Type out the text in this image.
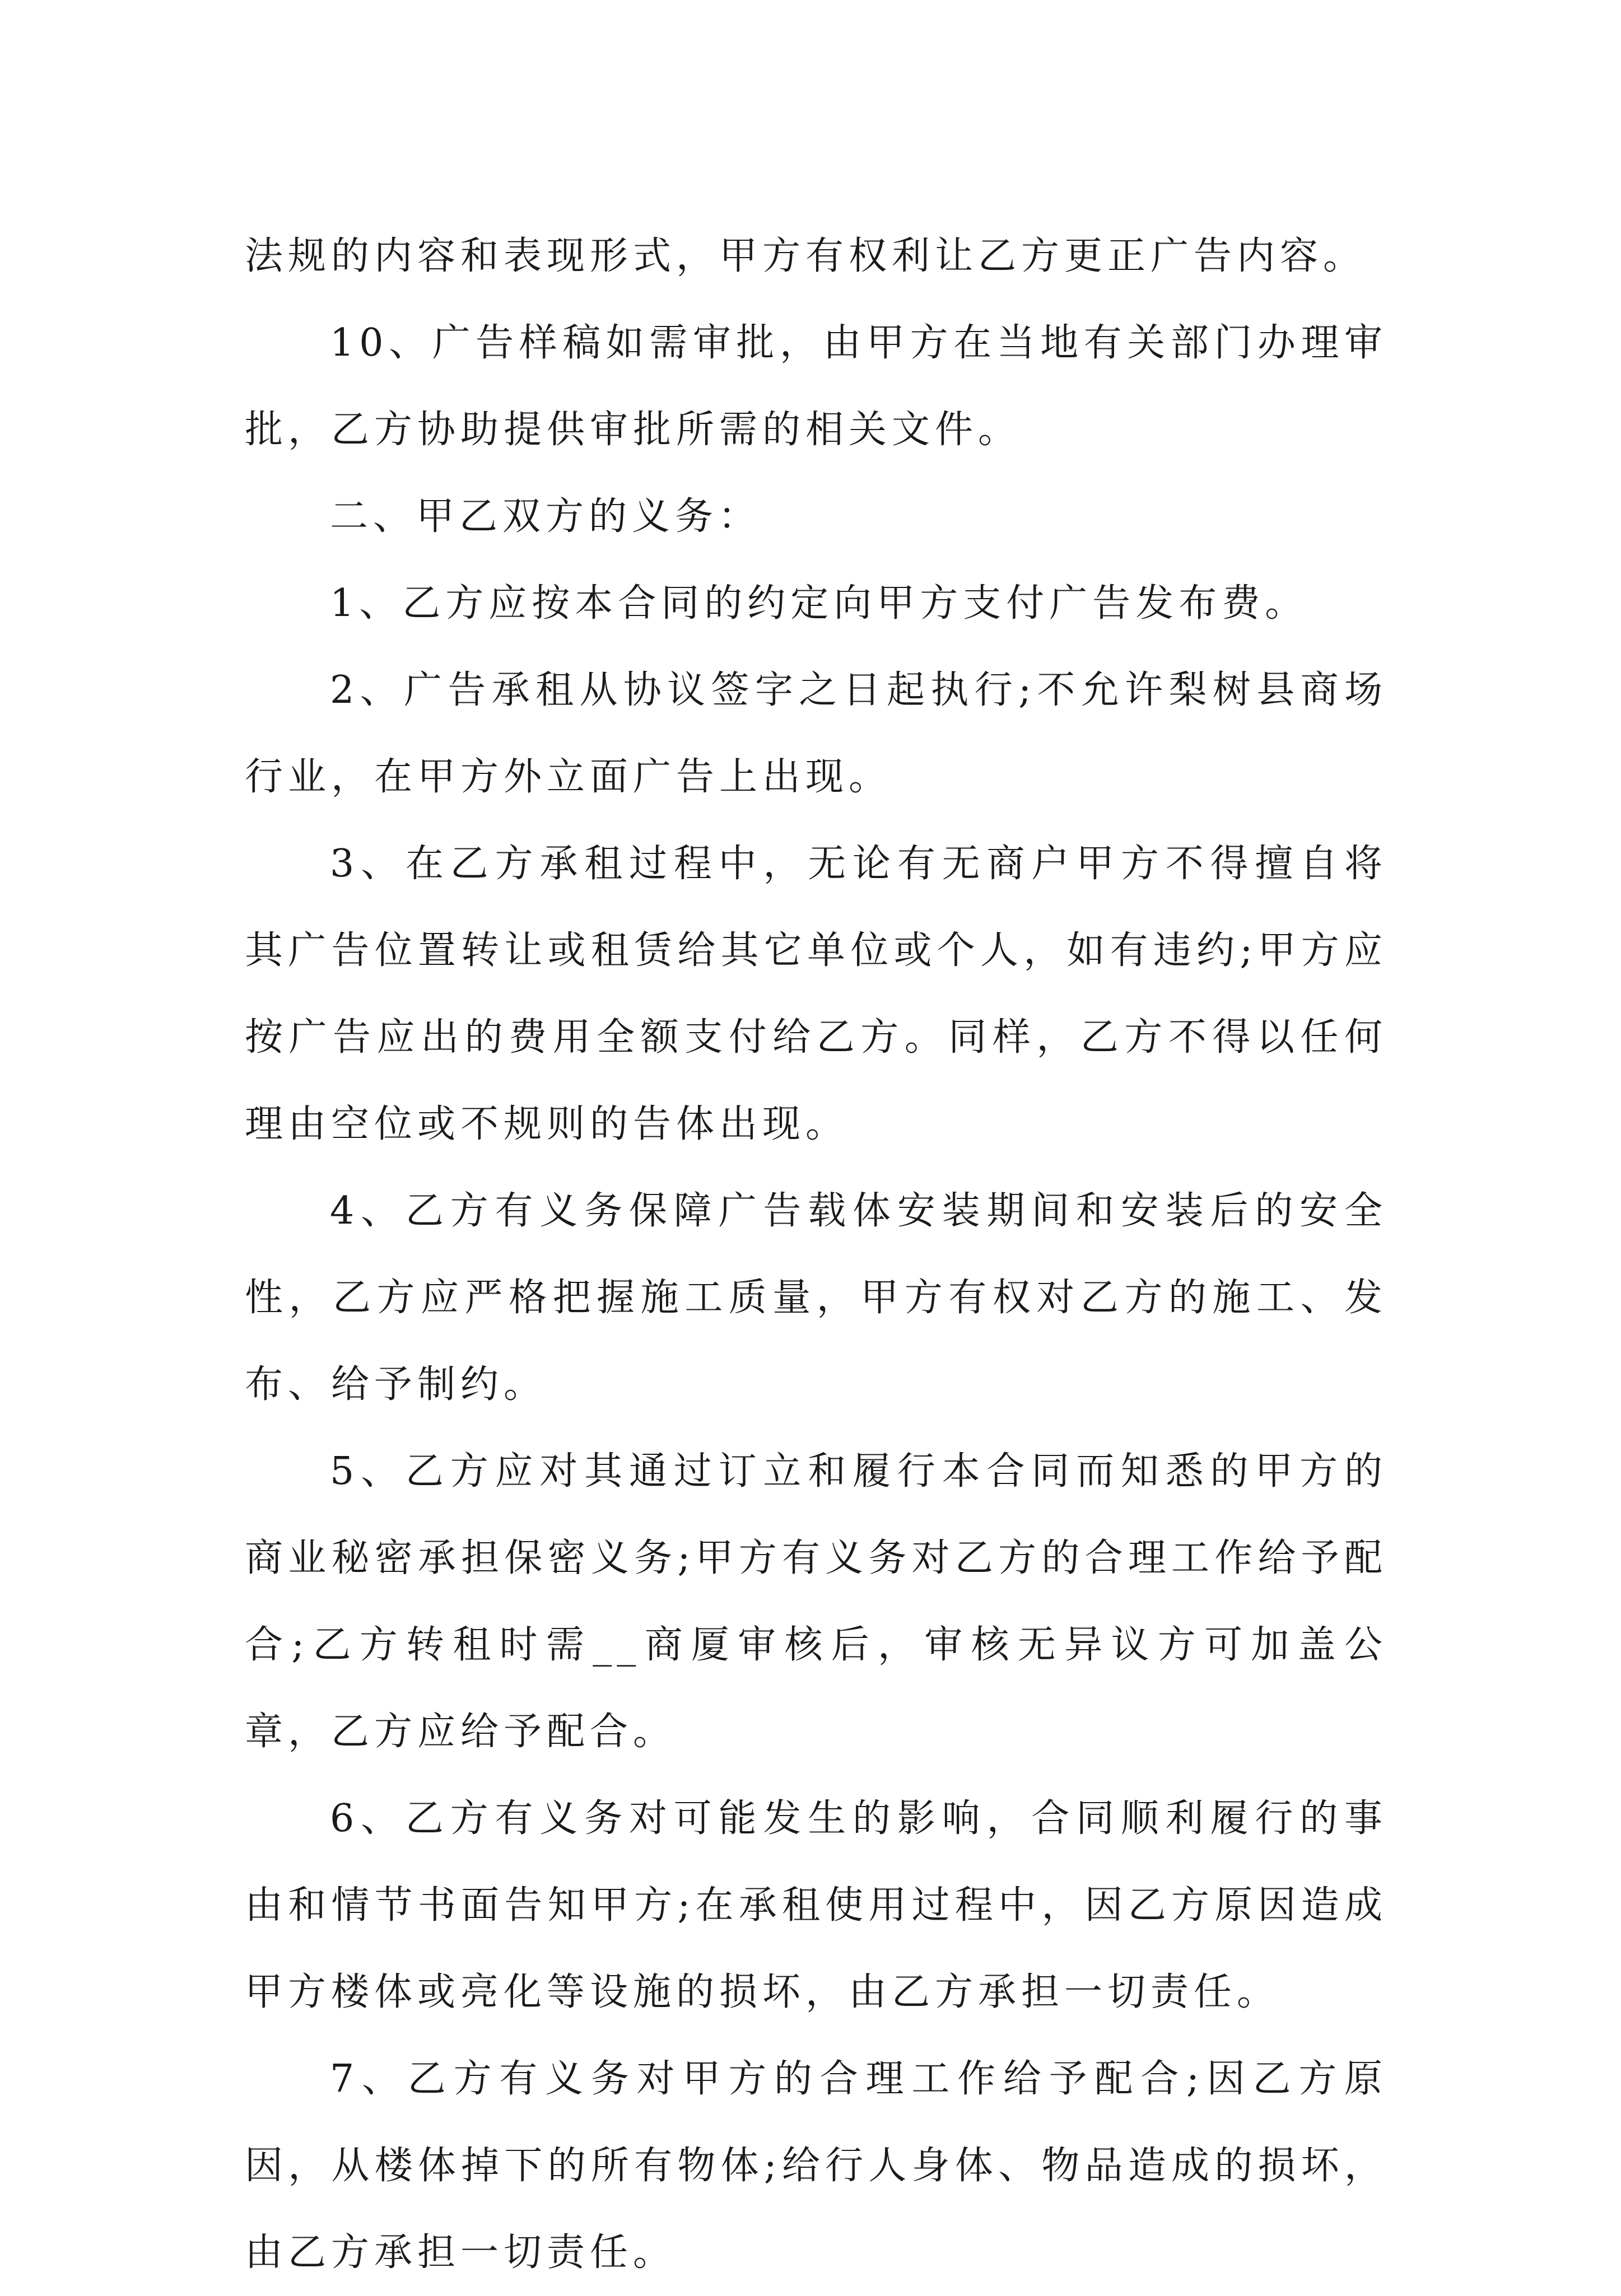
法规的内容和表现形式，甲方有权利让乙方更正广告内容。

10、广告样稿如需审批，由甲方在当地有关部门办理审批，乙方协助提供审批所需的相关文件。

二、甲乙双方的义务：

1、乙方应按本合同的约定向甲方支付广告发布费。

2、广告承租从协议签字之日起执行;不允许梨树县商场行业，在甲方外立面广告上出现。

3、在乙方承租过程中，无论有无商户甲方不得擅自将其广告位置转让或租赁给其它单位或个人，如有违约;甲方应按广告应出的费用全额支付给乙方。同样，乙方不得以任何理由空位或不规则的告体出现。

4、乙方有义务保障广告载体安装期间和安装后的安全性，乙方应严格把握施工质量，甲方有权对乙方的施工、发布、给予制约。

5、乙方应对其通过订立和履行本合同而知悉的甲方的商业秘密承担保密义务;甲方有义务对乙方的合理工作给予配合;乙方转租时需__商厦审核后，审核无异议方可加盖公章，乙方应给予配合。

6、乙方有义务对可能发生的影响，合同顺利履行的事由和情节书面告知甲方;在承租使用过程中，因乙方原因造成甲方楼体或亮化等设施的损坏，由乙方承担一切责任。

7、乙方有义务对甲方的合理工作给予配合;因乙方原因，从楼体掉下的所有物体;给行人身体、物品造成的损坏，由乙方承担一切责任。
